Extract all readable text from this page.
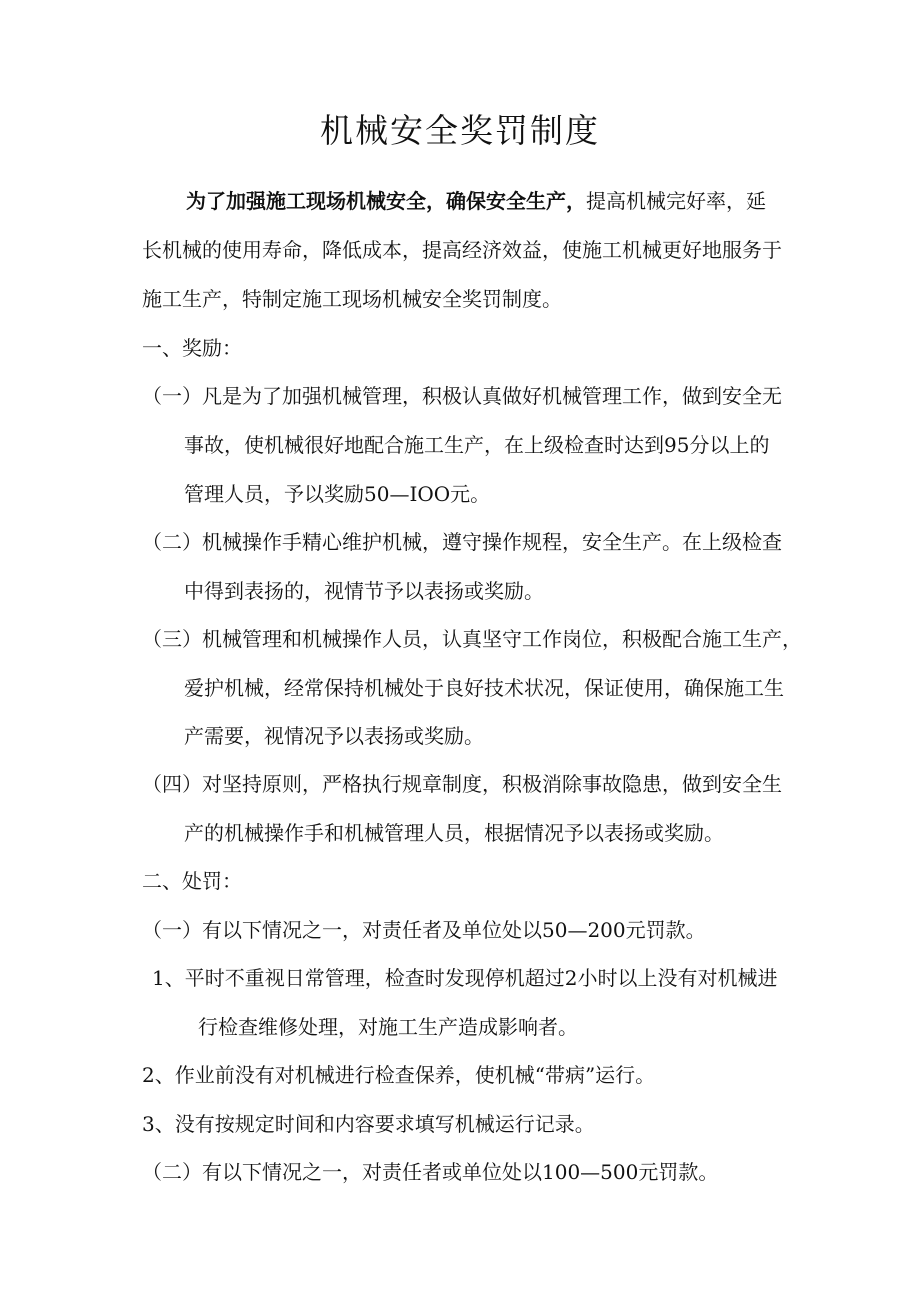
机械安全奖罚制度

为了加强施工现场机械安全，确保安全生产，提高机械完好率，延

长机械的使用寿命，降低成本，提高经济效益，使施工机械更好地服务于

施工生产，特制定施工现场机械安全奖罚制度。

一、奖励：

（一）凡是为了加强机械管理，积极认真做好机械管理工作，做到安全无

事故，使机械很好地配合施工生产，在上级检查时达到95分以上的

管理人员，予以奖励50—IOO元。

（二）机械操作手精心维护机械，遵守操作规程，安全生产。在上级检查

中得到表扬的，视情节予以表扬或奖励。

（三）机械管理和机械操作人员，认真坚守工作岗位，积极配合施工生产，

爱护机械，经常保持机械处于良好技术状况，保证使用，确保施工生

产需要，视情况予以表扬或奖励。

（四）对坚持原则，严格执行规章制度，积极消除事故隐患，做到安全生

产的机械操作手和机械管理人员，根据情况予以表扬或奖励。

二、处罚：

（一）有以下情况之一，对责任者及单位处以50—200元罚款。

1、平时不重视日常管理，检查时发现停机超过2小时以上没有对机械进

行检查维修处理，对施工生产造成影响者。

2、作业前没有对机械进行检查保养，使机械“带病”运行。

3、没有按规定时间和内容要求填写机械运行记录。

（二）有以下情况之一，对责任者或单位处以100—500元罚款。
